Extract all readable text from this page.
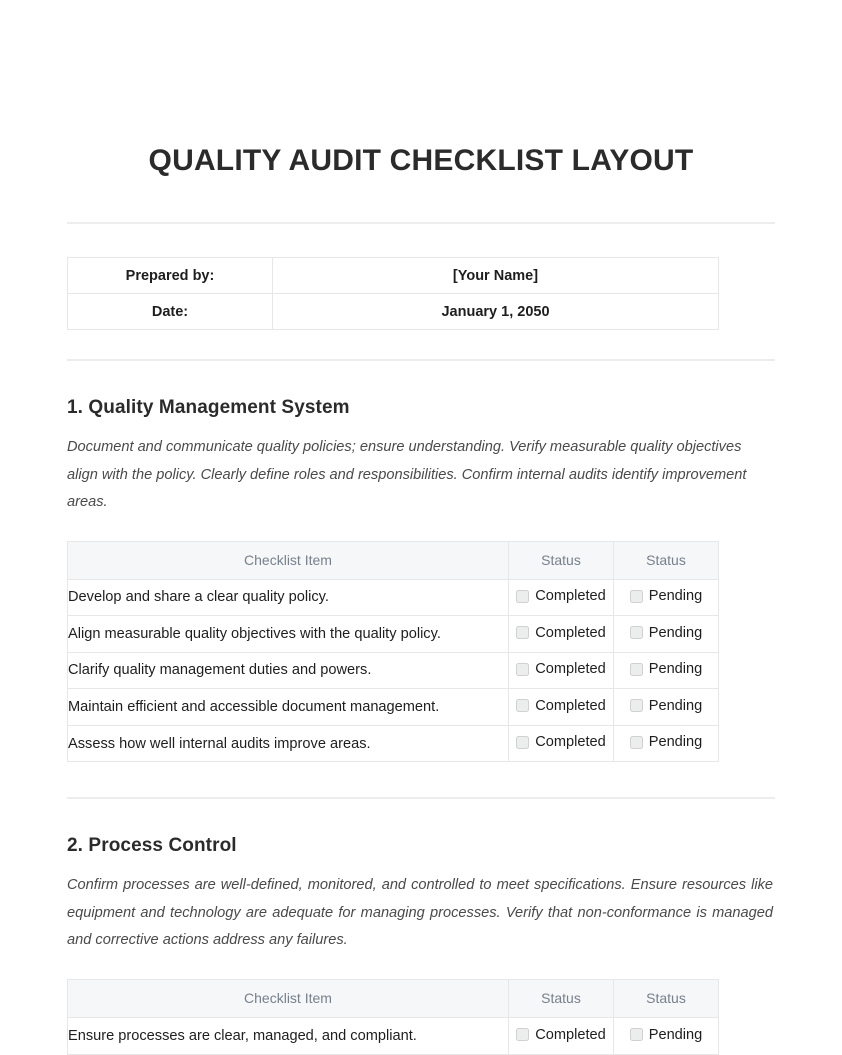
QUALITY AUDIT CHECKLIST LAYOUT
Prepared by:	[Your Name]
Date:	January 1, 2050
1. Quality Management System

Document and communicate quality policies; ensure understanding. Verify measurable quality objectives align with the policy. Clearly define roles and responsibilities. Confirm internal audits identify improvement areas.

Checklist Item	Status	Status
Develop and share a clear quality policy.	Completed	Pending

Align measurable quality objectives with the quality policy.	Completed	Pending

Clarify quality management duties and powers.	Completed	Pending

Maintain efficient and accessible document management.	Completed	Pending

Assess how well internal audits improve areas.	Completed	Pending
2. Process Control

Confirm processes are well-defined, monitored, and controlled to meet specifications. Ensure resources like equipment and technology are adequate for managing processes. Verify that non-conformance is managed and corrective actions address any failures.

Checklist Item	Status	Status
Ensure processes are clear, managed, and compliant.	Completed	Pending
